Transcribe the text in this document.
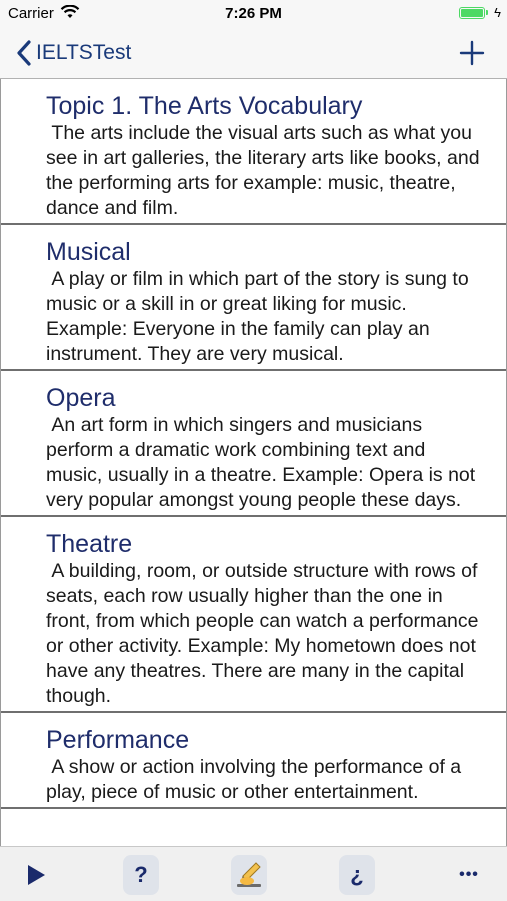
Carrier	7:26 PM	ϟ
IELTSTest
Topic 1. The Arts Vocabulary
The arts include the visual arts such as what you see in art galleries, the literary arts like books, and the performing arts for example: music, theatre, dance and film.
Musical
A play or film in which part of the story is sung to music or a skill in or great liking for music. Example: Everyone in the family can play an instrument. They are very musical.
Opera
An art form in which singers and musicians perform a dramatic work combining text and music, usually in a theatre. Example: Opera is not very popular amongst young people these days.
Theatre
A building, room, or outside structure with rows of seats, each row usually higher than the one in front, from which people can watch a performance or other activity. Example: My hometown does not have any theatres. There are many in the capital though.
Performance
A show or action involving the performance of a play, piece of music or other entertainment.
?	¿	•••
